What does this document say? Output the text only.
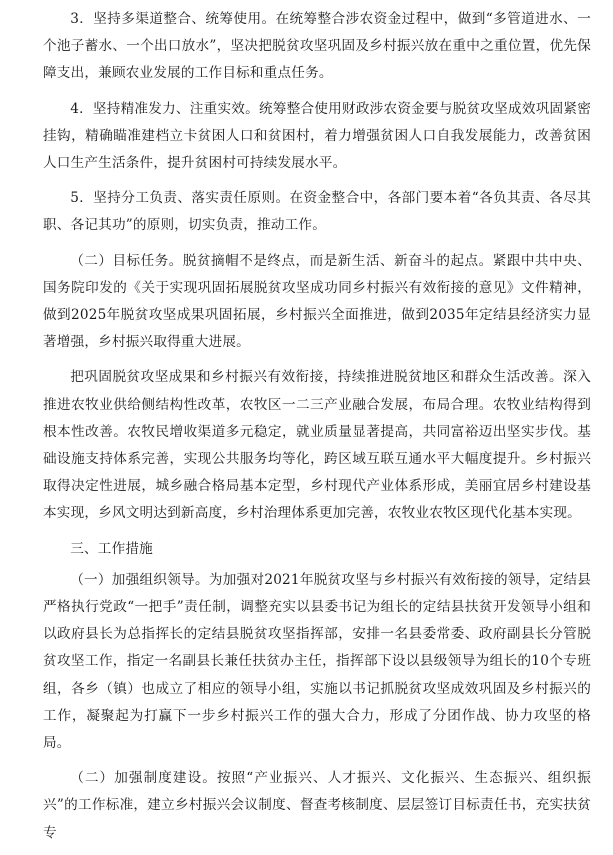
3．坚持多渠道整合、统筹使用。在统筹整合涉农资金过程中，做到“多管道进水、一个池子蓄水、一个出口放水”，坚决把脱贫攻坚巩固及乡村振兴放在重中之重位置，优先保障支出，兼顾农业发展的工作目标和重点任务。

4．坚持精准发力、注重实效。统筹整合使用财政涉农资金要与脱贫攻坚成效巩固紧密挂钩，精确瞄准建档立卡贫困人口和贫困村，着力增强贫困人口自我发展能力，改善贫困人口生产生活条件，提升贫困村可持续发展水平。

5．坚持分工负责、落实责任原则。在资金整合中，各部门要本着“各负其责、各尽其职、各记其功”的原则，切实负责，推动工作。

（二）目标任务。脱贫摘帽不是终点，而是新生活、新奋斗的起点。紧跟中共中央、国务院印发的《关于实现巩固拓展脱贫攻坚成功同乡村振兴有效衔接的意见》文件精神，做到2025年脱贫攻坚成果巩固拓展，乡村振兴全面推进，做到2035年定结县经济实力显著增强，乡村振兴取得重大进展。

把巩固脱贫攻坚成果和乡村振兴有效衔接，持续推进脱贫地区和群众生活改善。深入推进农牧业供给侧结构性改革，农牧区一二三产业融合发展，布局合理。农牧业结构得到根本性改善。农牧民增收渠道多元稳定，就业质量显著提高，共同富裕迈出坚实步伐。基础设施支持体系完善，实现公共服务均等化，跨区域互联互通水平大幅度提升。乡村振兴取得决定性进展，城乡融合格局基本定型，乡村现代产业体系形成，美丽宜居乡村建设基本实现，乡风文明达到新高度，乡村治理体系更加完善，农牧业农牧区现代化基本实现。

三、工作措施

（一）加强组织领导。为加强对2021年脱贫攻坚与乡村振兴有效衔接的领导，定结县严格执行党政“一把手”责任制，调整充实以县委书记为组长的定结县扶贫开发领导小组和以政府县长为总指挥长的定结县脱贫攻坚指挥部，安排一名县委常委、政府副县长分管脱贫攻坚工作，指定一名副县长兼任扶贫办主任，指挥部下设以县级领导为组长的10个专班组，各乡（镇）也成立了相应的领导小组，实施以书记抓脱贫攻坚成效巩固及乡村振兴的工作，凝聚起为打赢下一步乡村振兴工作的强大合力，形成了分团作战、协力攻坚的格局。

（二）加强制度建设。按照“产业振兴、人才振兴、文化振兴、生态振兴、组织振兴”的工作标准，建立乡村振兴会议制度、督查考核制度、层层签订目标责任书，充实扶贫专
